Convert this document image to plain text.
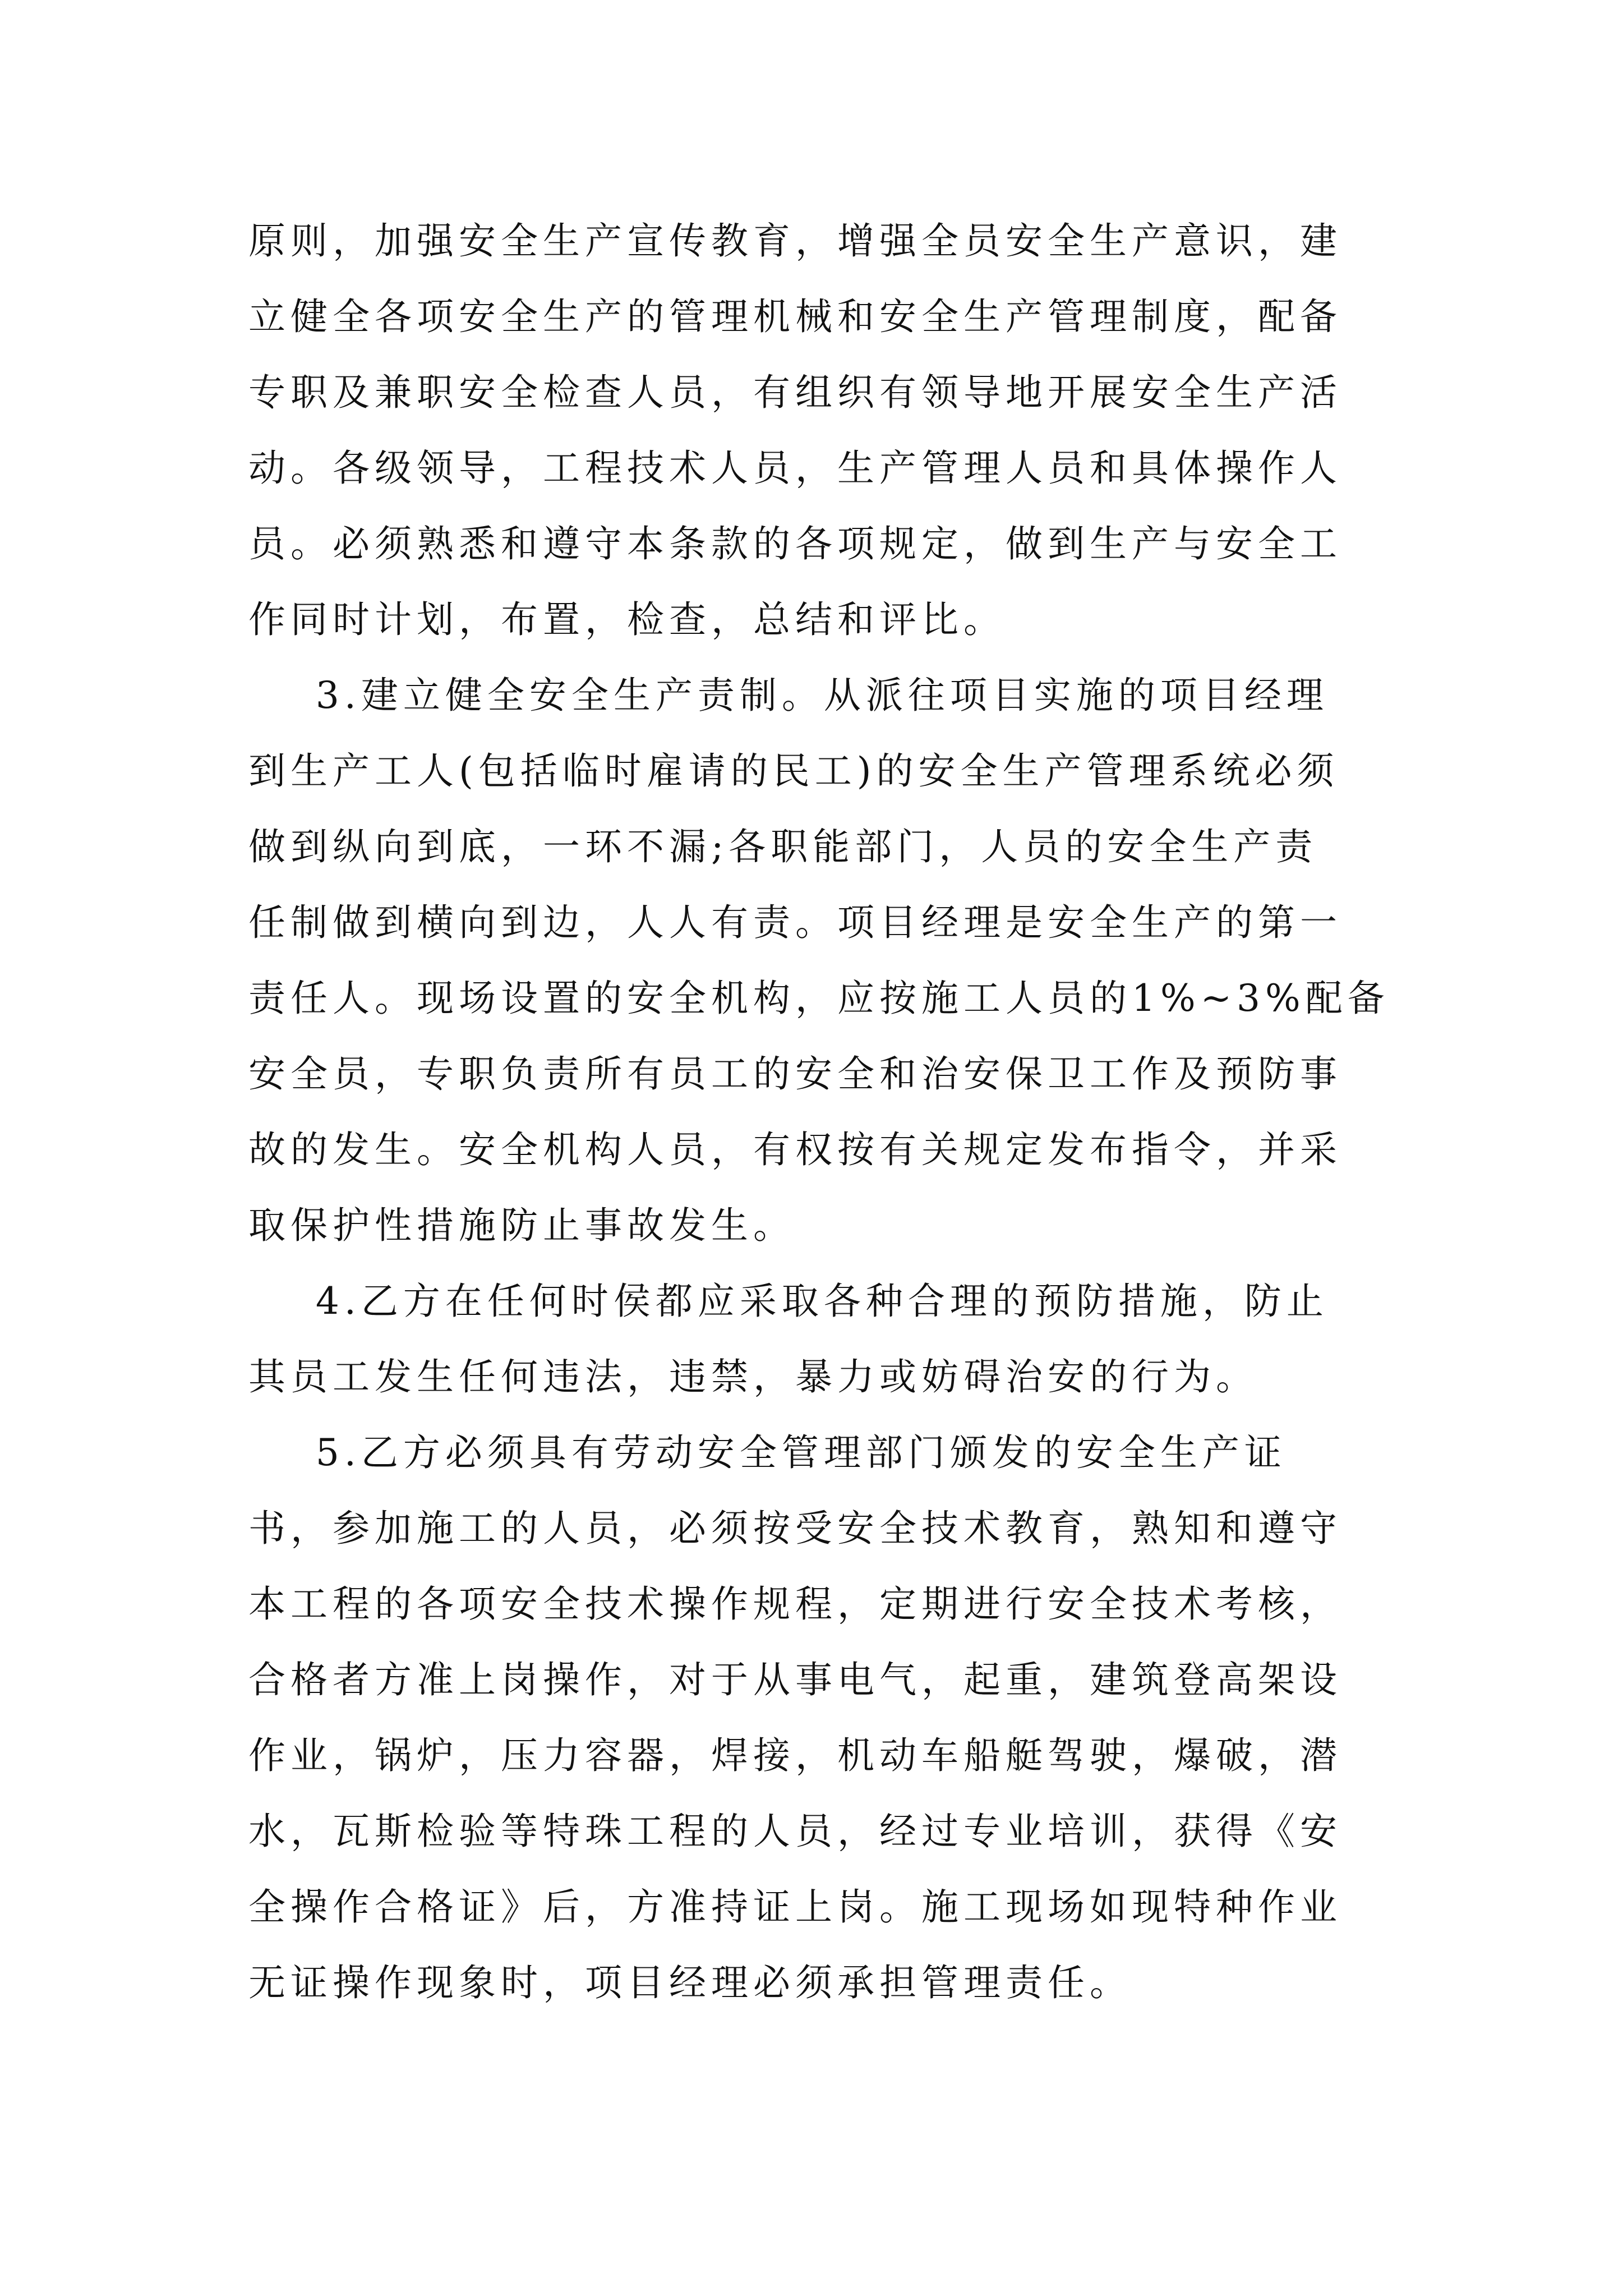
原则，加强安全生产宣传教育，增强全员安全生产意识，建
立健全各项安全生产的管理机械和安全生产管理制度，配备
专职及兼职安全检查人员，有组织有领导地开展安全生产活
动。各级领导，工程技术人员，生产管理人员和具体操作人
员。必须熟悉和遵守本条款的各项规定，做到生产与安全工
作同时计划，布置，检查，总结和评比。
3.建立健全安全生产责制。从派往项目实施的项目经理
到生产工人(包括临时雇请的民工)的安全生产管理系统必须
做到纵向到底，一环不漏;各职能部门，人员的安全生产责
任制做到横向到边，人人有责。项目经理是安全生产的第一
责任人。现场设置的安全机构，应按施工人员的1%~3%配备
安全员，专职负责所有员工的安全和治安保卫工作及预防事
故的发生。安全机构人员，有权按有关规定发布指令，并采
取保护性措施防止事故发生。
4.乙方在任何时侯都应采取各种合理的预防措施，防止
其员工发生任何违法，违禁，暴力或妨碍治安的行为。
5.乙方必须具有劳动安全管理部门颁发的安全生产证
书，参加施工的人员，必须按受安全技术教育，熟知和遵守
本工程的各项安全技术操作规程，定期进行安全技术考核，
合格者方准上岗操作，对于从事电气，起重，建筑登高架设
作业，锅炉，压力容器，焊接，机动车船艇驾驶，爆破，潜
水，瓦斯检验等特珠工程的人员，经过专业培训，获得《安
全操作合格证》后，方准持证上岗。施工现场如现特种作业
无证操作现象时，项目经理必须承担管理责任。
